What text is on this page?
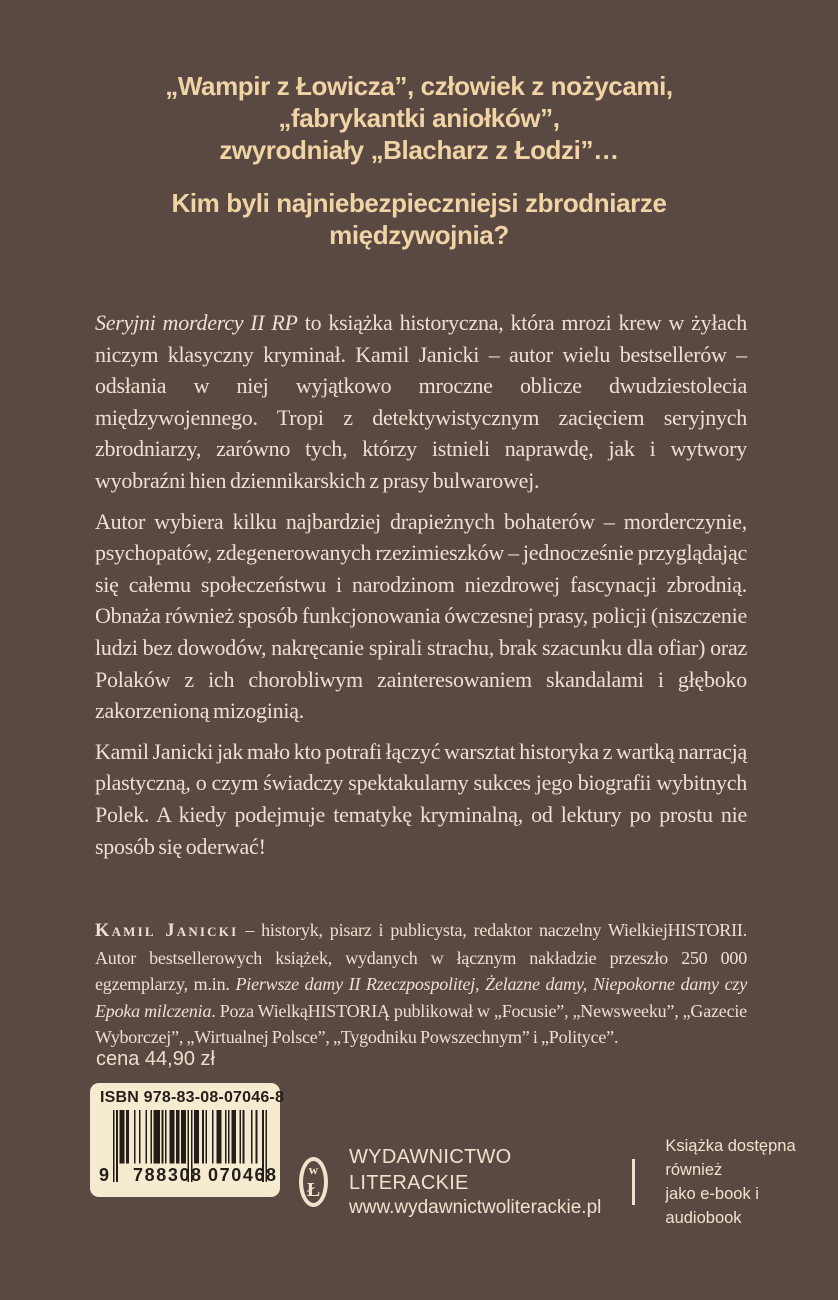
„Wampir z Łowicza”, człowiek z nożycami,
„fabrykantki aniołków”,
zwyrodniały „Blacharz z Łodzi”…
Kim byli najniebezpieczniejsi zbrodniarze
międzywojnia?

Seryjni mordercy II RP to książka historyczna, która mrozi krew w żyłach niczym klasyczny kryminał. Kamil Janicki – autor wielu bestsellerów – odsłania w niej wyjątkowo mroczne oblicze dwudziestolecia międzywojennego. Tropi z detektywistycznym zacięciem seryjnych zbrodniarzy, zarówno tych, którzy istnieli naprawdę, jak i wytwory wyobraźni hien dziennikarskich z prasy bulwarowej.

Autor wybiera kilku najbardziej drapieżnych bohaterów – morderczynie, psychopatów, zdegenerowanych rzezimieszków – jednocześnie przyglądając się całemu społeczeństwu i narodzinom niezdrowej fascynacji zbrodnią. Obnaża również sposób funkcjonowania ówczesnej prasy, policji (niszczenie ludzi bez dowodów, nakręcanie spirali strachu, brak szacunku dla ofiar) oraz Polaków z ich chorobliwym zainteresowaniem skandalami i głęboko zakorzenioną mizoginią.

Kamil Janicki jak mało kto potrafi łączyć warsztat historyka z wartką narracją plastyczną, o czym świadczy spektakularny sukces jego biografii wybitnych Polek. A kiedy podejmuje tematykę kryminalną, od lektury po prostu nie sposób się oderwać!

Kamil Janicki – historyk, pisarz i publicysta, redaktor naczelny WielkiejHISTORII. Autor bestsellerowych książek, wydanych w łącznym nakładzie przeszło 250 000 egzemplarzy, m.in. Pierwsze damy II Rzeczpospolitej, Żelazne damy, Niepokorne damy czy Epoka milczenia. Poza WielkąHISTORIĄ publikował w „Focusie”, „Newsweeku”, „Gazecie Wyborczej”, „Wirtualnej Polsce”, „Tygodniku Powszechnym” i „Polityce”.
cena 44,90 zł
ISBN 978-83-08-07046-8
9 788308 070468	w
Ł
WYDAWNICTWO LITERACKIE
www.wydawnictwoliterackie.pl
Książka dostępna również
jako e-book i audiobook
